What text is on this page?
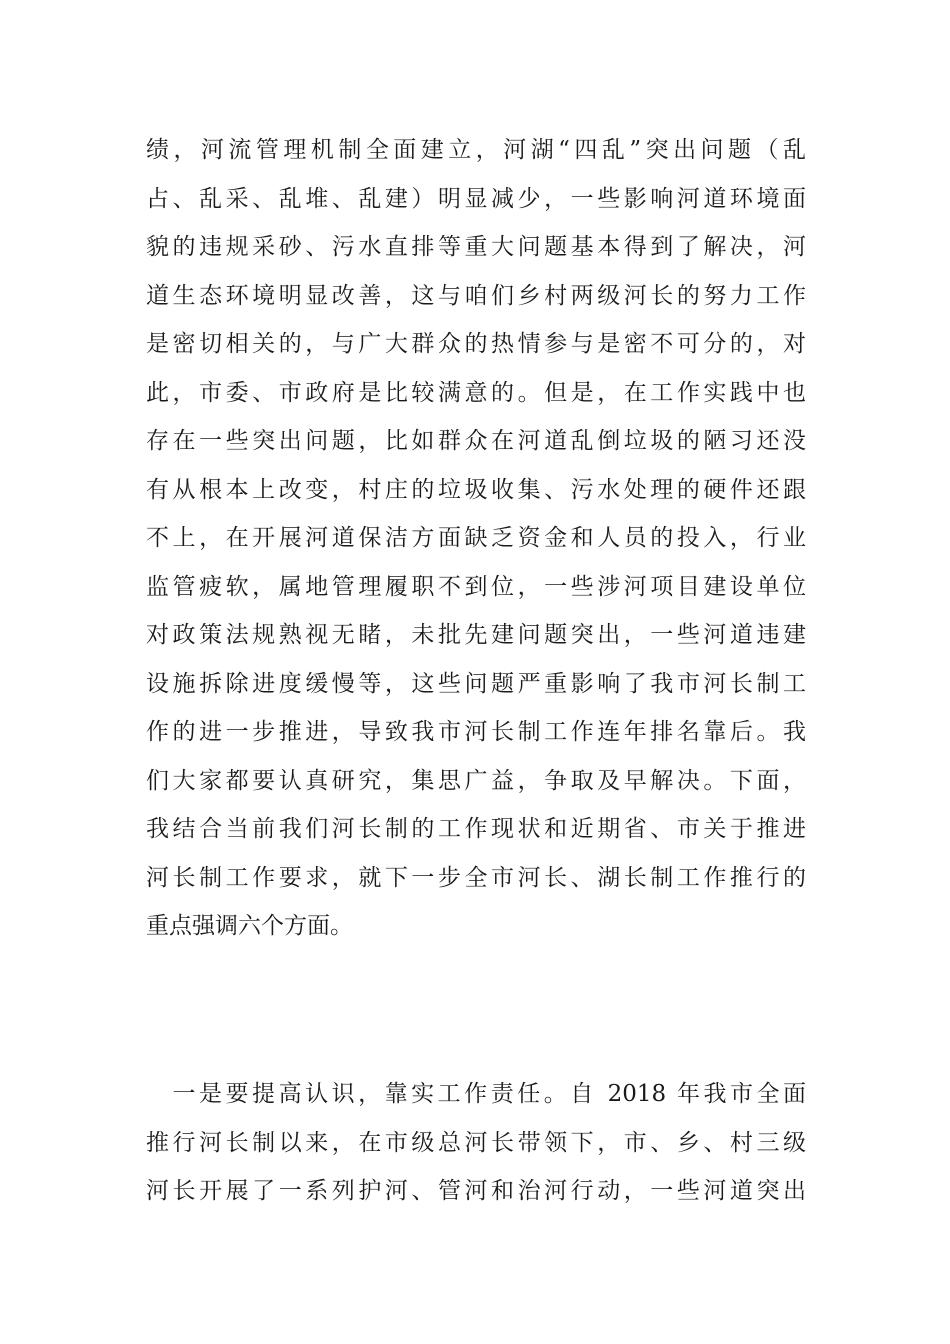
绩，河流管理机制全面建立，河湖“四乱”突出问题（乱
占、乱采、乱堆、乱建）明显减少，一些影响河道环境面
貌的违规采砂、污水直排等重大问题基本得到了解决，河
道生态环境明显改善，这与咱们乡村两级河长的努力工作
是密切相关的，与广大群众的热情参与是密不可分的，对
此，市委、市政府是比较满意的。但是，在工作实践中也
存在一些突出问题，比如群众在河道乱倒垃圾的陋习还没
有从根本上改变，村庄的垃圾收集、污水处理的硬件还跟
不上，在开展河道保洁方面缺乏资金和人员的投入，行业
监管疲软，属地管理履职不到位，一些涉河项目建设单位
对政策法规熟视无睹，未批先建问题突出，一些河道违建
设施拆除进度缓慢等，这些问题严重影响了我市河长制工
作的进一步推进，导致我市河长制工作连年排名靠后。我
们大家都要认真研究，集思广益，争取及早解决。下面，
我结合当前我们河长制的工作现状和近期省、市关于推进
河长制工作要求，就下一步全市河长、湖长制工作推行的
重点强调六个方面。
　一是要提高认识，靠实工作责任。自 2018 年我市全面
推行河长制以来，在市级总河长带领下，市、乡、村三级
河长开展了一系列护河、管河和治河行动，一些河道突出
